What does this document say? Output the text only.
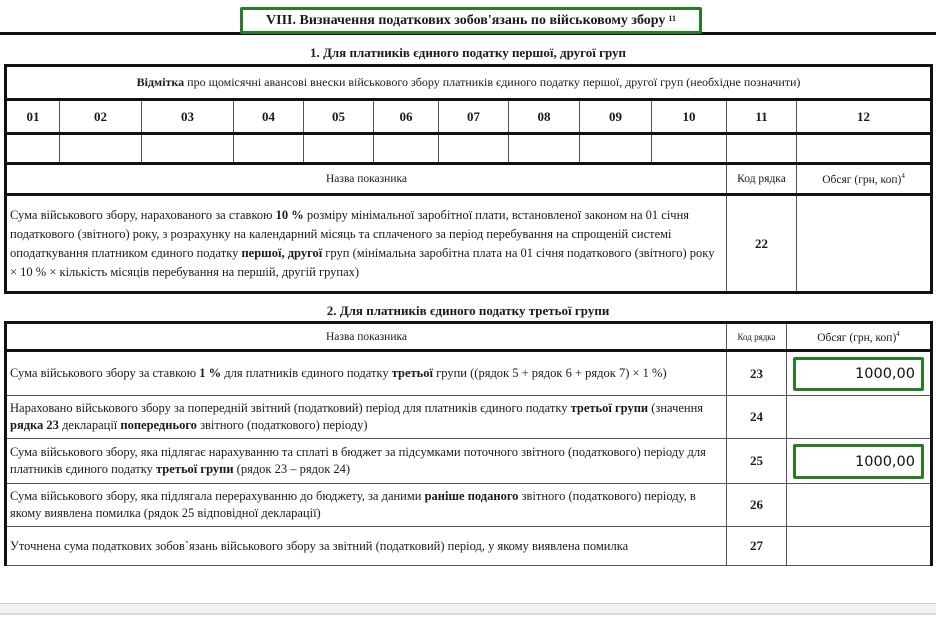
VIII. Визначення податкових зобов'язань по військовому збору $^{11}$
1. Для платників єдиного податку першої, другої груп
Відмітка про щомісячні авансові внески військового збору платників єдиного податку першої, другої груп (необхідне позначити)											
01	02	03	04	05	06	07	08	09	10	11	12

Назва показника										Код рядка	Обсяг (грн, коп)$^4$
Сума військового збору, нарахованого за ставкою 10 % розміру мінімальної заробітної плати, встановленої законом на 01 січня податкового (звітного) року, з розрахунку на календарний місяць та сплаченого за період перебування на спрощеній системі оподаткування платником єдиного податку першої, другої груп (мінімальна заробітна плата на 01 січня податкового (звітного) року × 10 % × кількість місяців перебування на першій, другій групах)										22	
2. Для платників єдиного податку третьої групи
Назва показника	Код рядка	Обсяг (грн, коп)$^4$
Сума військового збору за ставкою 1 % для платників єдиного податку третьої групи ((рядок 5 + рядок 6 + рядок 7) × 1 %)	23	1000,00

Нараховано військового збору за попередній звітний (податковий) період для платників єдиного податку третьої групи (значення рядка 23 декларації попереднього звітного (податкового) періоду)	24	
Сума військового збору, яка підлягає нарахуванню та сплаті в бюджет за підсумками поточного звітного (податкового) періоду для платників єдиного податку третьої групи (рядок 23 – рядок 24)	25	1000,00

Сума військового збору, яка підлягала перерахуванню до бюджету, за даними раніше поданого звітного (податкового) періоду, в якому виявлена помилка (рядок 25 відповідної декларації)	26	
Уточнена сума податкових зобов`язань військового збору за звітний (податковий) період, у якому виявлена помилка	27	
